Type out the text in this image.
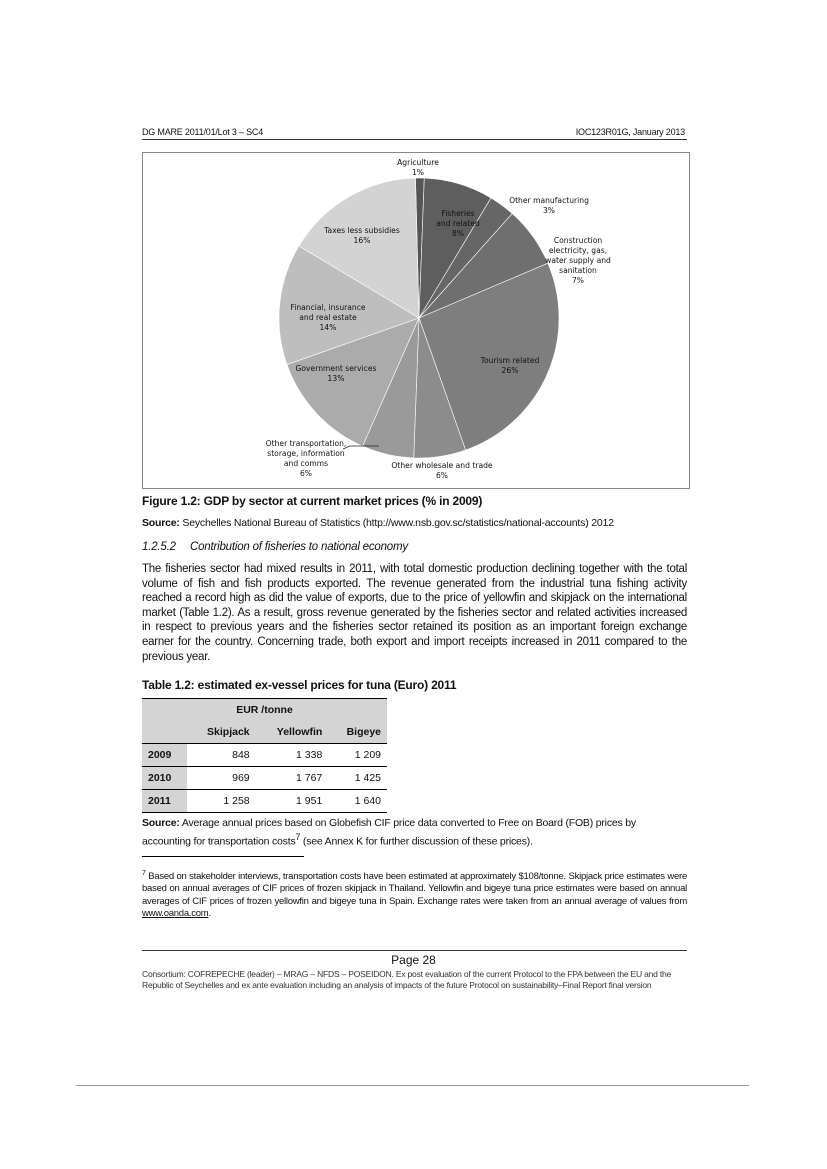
DG MARE 2011/01/Lot 3 – SC4	IOC123R01G, January 2013
Agriculture 1%
Fisheries and related 8%
Other manufacturing 3%
Construction electricity, gas, water supply and sanitation 7%
Tourism related 26%
Other wholesale and trade 6%
Other transportation, storage, information and comms 6%
Government services 13%
Financial, insurance and real estate 14%
Taxes less subsidies 16%
Figure 1.2: GDP by sector at current market prices (% in 2009)
Source: Seychelles National Bureau of Statistics (http://www.nsb.gov.sc/statistics/national-accounts) 2012
1.2.5.2 Contribution of fisheries to national economy
The fisheries sector had mixed results in 2011, with total domestic production declining together with the total volume of fish and fish products exported. The revenue generated from the industrial tuna fishing activity reached a record high as did the value of exports, due to the price of yellowfin and skipjack on the international market (Table 1.2). As a result, gross revenue generated by the fisheries sector and related activities increased in respect to previous years and the fisheries sector retained its position as an important foreign exchange earner for the country. Concerning trade, both export and import receipts increased in 2011 compared to the previous year.
Table 1.2: estimated ex-vessel prices for tuna (Euro) 2011
EUR /tonne			
	Skipjack	Yellowfin	Bigeye
2009	848	1 338	1 209
2010	969	1 767	1 425
2011	1 258	1 951	1 640
Source: Average annual prices based on Globefish CIF price data converted to Free on Board (FOB) prices by accounting for transportation costs$^7$ (see Annex K for further discussion of these prices).
$^7$ Based on stakeholder interviews, transportation costs have been estimated at approximately $108/tonne. Skipjack price estimates were based on annual averages of CIF prices of frozen skipjack in Thailand. Yellowfin and bigeye tuna price estimates were based on annual averages of CIF prices of frozen yellowfin and bigeye tuna in Spain. Exchange rates were taken from an annual average of values from www.oanda.com.
Page 28
Consortium: COFREPECHE (leader) – MRAG – NFDS – POSEIDON. Ex post evaluation of the current Protocol to the FPA between the EU and the Republic of Seychelles and ex ante evaluation including an analysis of impacts of the future Protocol on sustainability–Final Report final version
